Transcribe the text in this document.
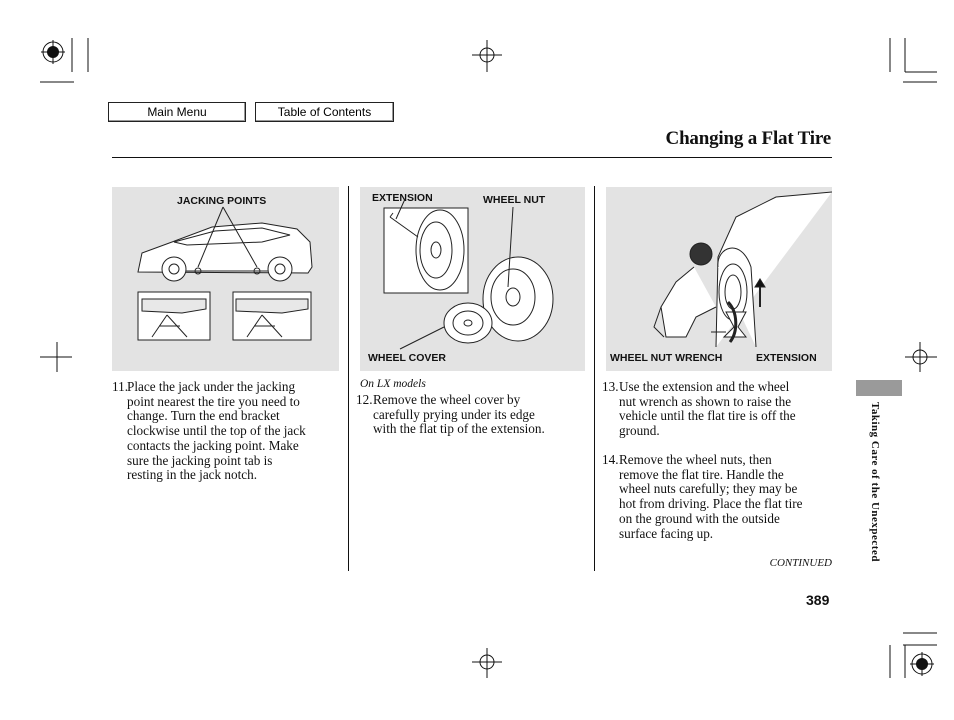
Main Menu	Table of Contents
Changing a Flat Tire
JACKING POINTS	EXTENSION	WHEEL NUT
WHEEL COVER	WHEEL NUT WRENCH	EXTENSION
11. Place the jack under the jacking
point nearest the tire you need to
change. Turn the end bracket
clockwise until the top of the jack
contacts the jacking point. Make
sure the jacking point tab is
resting in the jack notch.
On LX models
12. Remove the wheel cover by
carefully prying under its edge
with the flat tip of the extension.
13. Use the extension and the wheel
nut wrench as shown to raise the
vehicle until the flat tire is off the
ground.
14. Remove the wheel nuts, then
remove the flat tire. Handle the
wheel nuts carefully; they may be
hot from driving. Place the flat tire
on the ground with the outside
surface facing up.
CONTINUED
Taking Care of the Unexpected
389
